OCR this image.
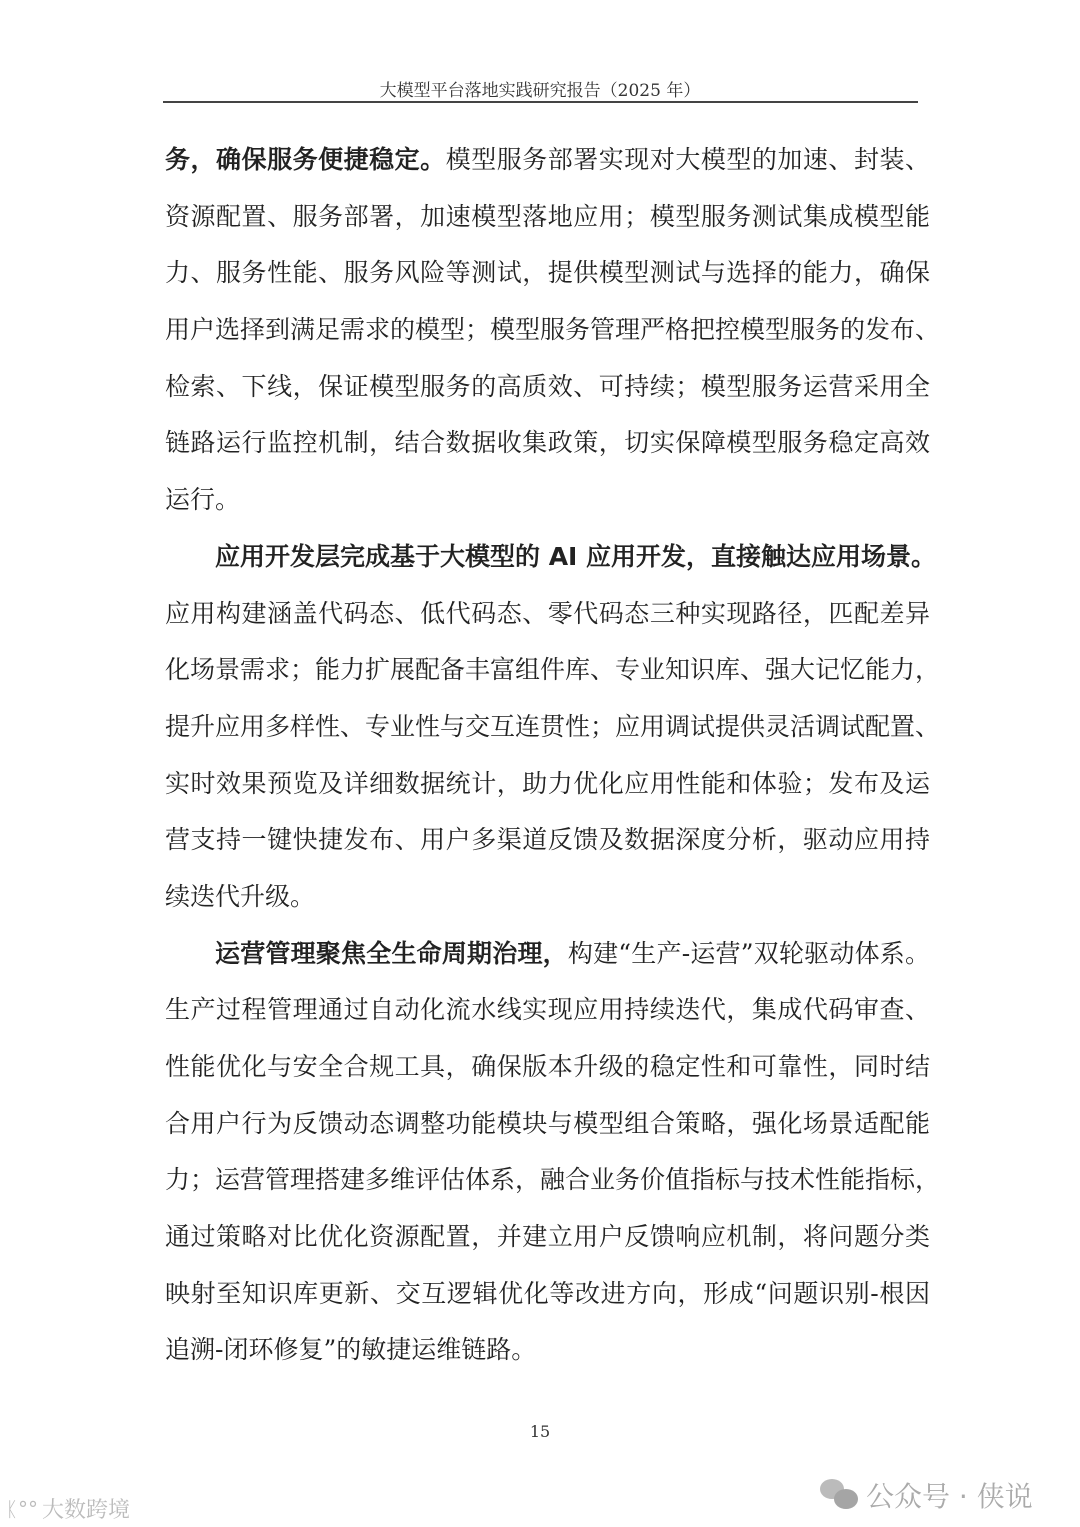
大模型平台落地实践研究报告（2025 年）
务，确保服务便捷稳定。模型服务部署实现对大模型的加速、封装、
资源配置、服务部署，加速模型落地应用；模型服务测试集成模型能
力、服务性能、服务风险等测试，提供模型测试与选择的能力，确保
用户选择到满足需求的模型；模型服务管理严格把控模型服务的发布、
检索、下线，保证模型服务的高质效、可持续；模型服务运营采用全
链路运行监控机制，结合数据收集政策，切实保障模型服务稳定高效
运行。
应用开发层完成基于大模型的 AI 应用开发，直接触达应用场景。
应用构建涵盖代码态、低代码态、零代码态三种实现路径，匹配差异
化场景需求；能力扩展配备丰富组件库、专业知识库、强大记忆能力，
提升应用多样性、专业性与交互连贯性；应用调试提供灵活调试配置、
实时效果预览及详细数据统计，助力优化应用性能和体验；发布及运
营支持一键快捷发布、用户多渠道反馈及数据深度分析，驱动应用持
续迭代升级。
运营管理聚焦全生命周期治理，构建“生产-运营”双轮驱动体系。
生产过程管理通过自动化流水线实现应用持续迭代，集成代码审查、
性能优化与安全合规工具，确保版本升级的稳定性和可靠性，同时结
合用户行为反馈动态调整功能模块与模型组合策略，强化场景适配能
力；运营管理搭建多维评估体系，融合业务价值指标与技术性能指标，
通过策略对比优化资源配置，并建立用户反馈响应机制，将问题分类
映射至知识库更新、交互逻辑优化等改进方向，形成“问题识别-根因
追溯-闭环修复”的敏捷运维链路。
15
公众号 · 侠说
ᛕ°° 大数跨境
